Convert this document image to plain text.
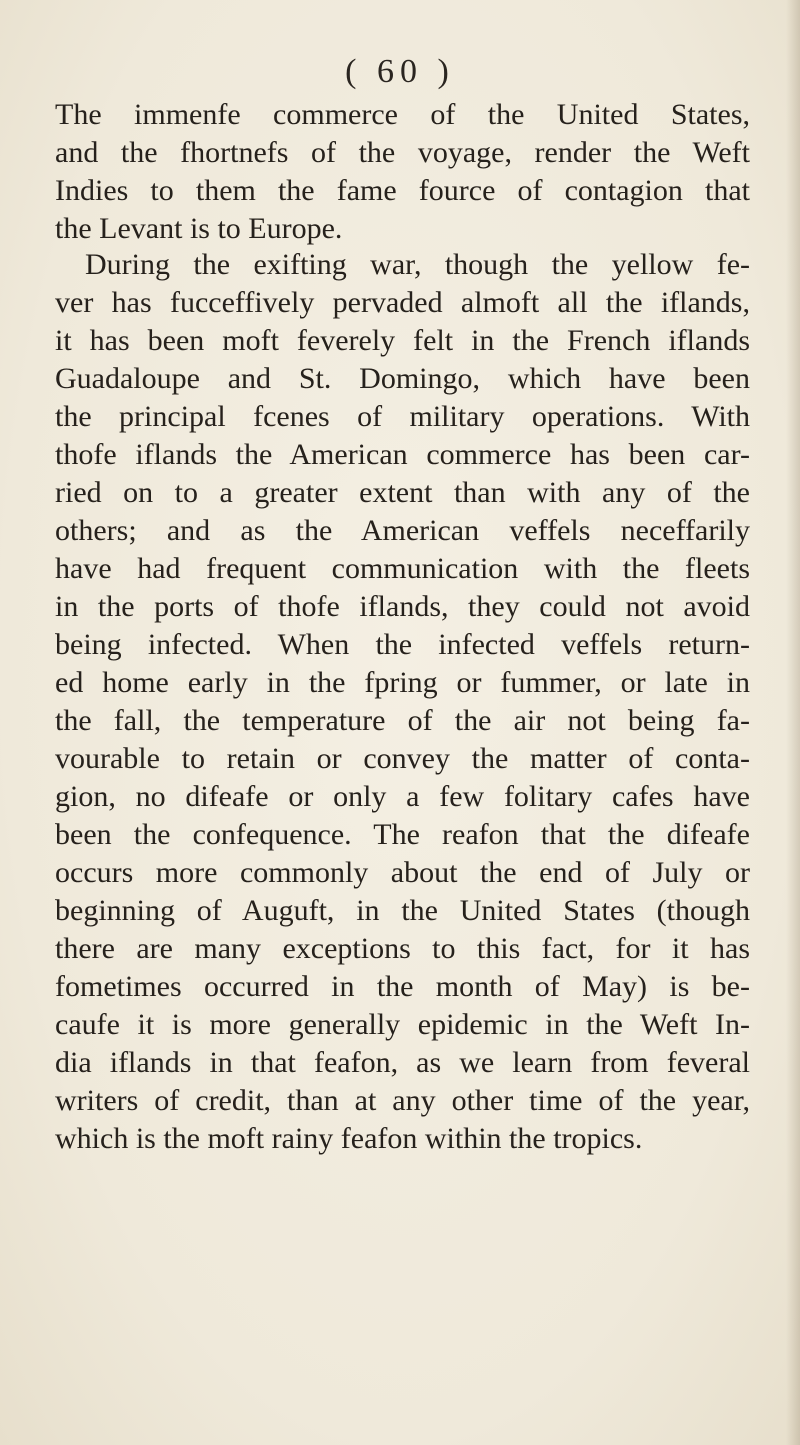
( 60 )
The immenfe commerce of the United States,
and the fhortnefs of the voyage, render the Weft
Indies to them the fame fource of contagion that
the Levant is to Europe.
During the exifting war, though the yellow fe-
ver has fucceffively pervaded almoft all the iflands,
it has been moft feverely felt in the French iflands
Guadaloupe and St. Domingo, which have been
the principal fcenes of military operations. With
thofe iflands the American commerce has been car-
ried on to a greater extent than with any of the
others; and as the American veffels neceffarily
have had frequent communication with the fleets
in the ports of thofe iflands, they could not avoid
being infected. When the infected veffels return-
ed home early in the fpring or fummer, or late in
the fall, the temperature of the air not being fa-
vourable to retain or convey the matter of conta-
gion, no difeafe or only a few folitary cafes have
been the confequence. The reafon that the difeafe
occurs more commonly about the end of July or
beginning of Auguft, in the United States (though
there are many exceptions to this fact, for it has
fometimes occurred in the month of May) is be-
caufe it is more generally epidemic in the Weft In-
dia iflands in that feafon, as we learn from feveral
writers of credit, than at any other time of the year,
which is the moft rainy feafon within the tropics.
